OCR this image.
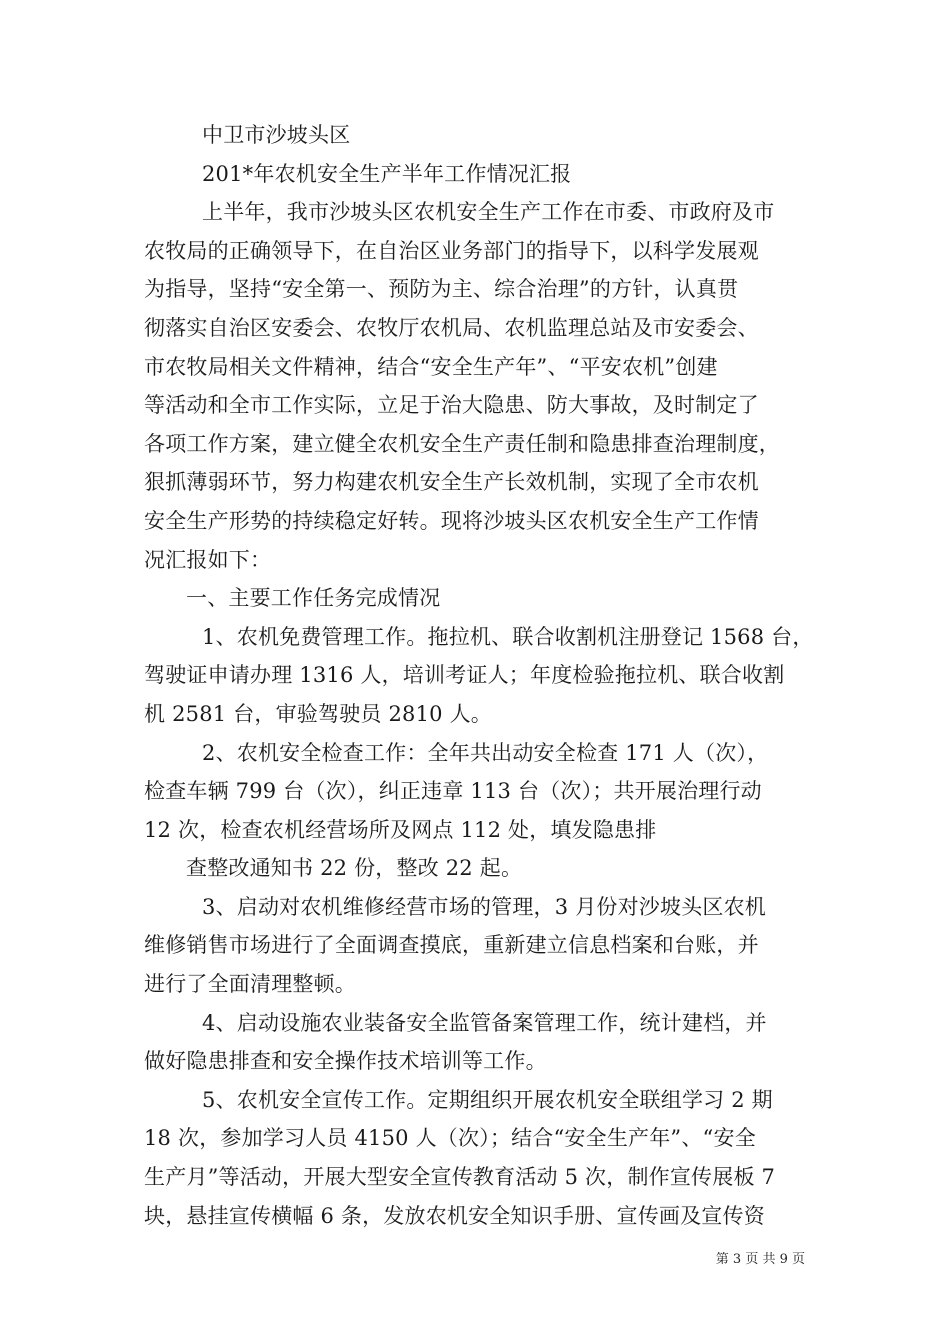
中卫市沙坡头区
201*年农机安全生产半年工作情况汇报
上半年，我市沙坡头区农机安全生产工作在市委、市政府及市
农牧局的正确领导下，在自治区业务部门的指导下，以科学发展观
为指导，坚持“安全第一、预防为主、综合治理”的方针，认真贯
彻落实自治区安委会、农牧厅农机局、农机监理总站及市安委会、
市农牧局相关文件精神，结合“安全生产年”、“平安农机”创建
等活动和全市工作实际，立足于治大隐患、防大事故，及时制定了
各项工作方案，建立健全农机安全生产责任制和隐患排查治理制度，
狠抓薄弱环节，努力构建农机安全生产长效机制，实现了全市农机
安全生产形势的持续稳定好转。现将沙坡头区农机安全生产工作情
况汇报如下：
一、主要工作任务完成情况
1、农机免费管理工作。拖拉机、联合收割机注册登记 1568 台，
驾驶证申请办理 1316 人，培训考证人；年度检验拖拉机、联合收割
机 2581 台，审验驾驶员 2810 人。
2、农机安全检查工作：全年共出动安全检查 171 人（次），
检查车辆 799 台（次），纠正违章 113 台（次）；共开展治理行动
12 次，检查农机经营场所及网点 112 处，填发隐患排
查整改通知书 22 份，整改 22 起。
3、启动对农机维修经营市场的管理，3 月份对沙坡头区农机
维修销售市场进行了全面调查摸底，重新建立信息档案和台账，并
进行了全面清理整顿。
4、启动设施农业装备安全监管备案管理工作，统计建档，并
做好隐患排查和安全操作技术培训等工作。
5、农机安全宣传工作。定期组织开展农机安全联组学习 2 期
18 次，参加学习人员 4150 人（次）；结合“安全生产年”、“安全
生产月”等活动，开展大型安全宣传教育活动 5 次，制作宣传展板 7
块，悬挂宣传横幅 6 条，发放农机安全知识手册、宣传画及宣传资
第 3 页 共 9 页
